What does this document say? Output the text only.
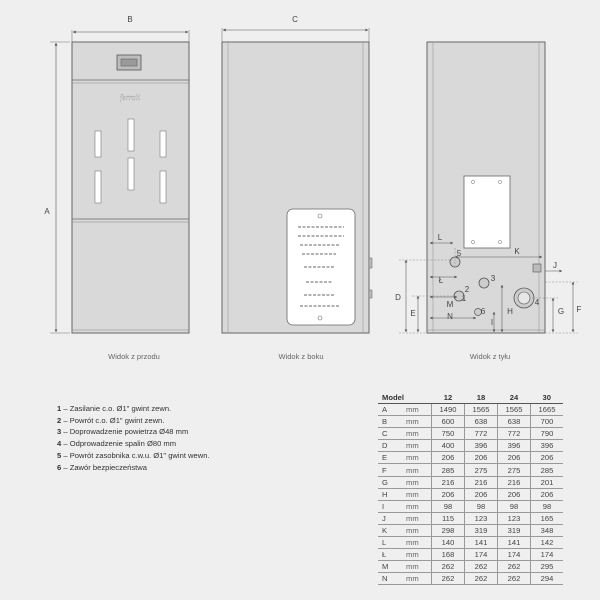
B
A
ferroli
C
5
2
1
3
4
6
L
K
J
Ł
M
N
D
E	H
I
F
G
Widok z przodu	Widok z boku	Widok z tyłu
1 – Zasilanie c.o. Ø1" gwint zewn.
2 – Powrót c.o. Ø1" gwint zewn.
3 – Doprowadzenie powietrza Ø48 mm
4 – Odprowadzenie spalin Ø80 mm
5 – Powrót zasobnika c.w.u. Ø1" gwint wewn.
6 – Zawór bezpieczeństwa
Model		12	18	24	30
A	mm	1490	1565	1565	1665
B	mm	600	638	638	700
C	mm	750	772	772	790
D	mm	400	396	396	396
E	mm	206	206	206	206
F	mm	285	275	275	285
G	mm	216	216	216	201
H	mm	206	206	206	206
I	mm	98	98	98	98
J	mm	115	123	123	165
K	mm	298	319	319	348
L	mm	140	141	141	142
Ł	mm	168	174	174	174
M	mm	262	262	262	295
N	mm	262	262	262	294
